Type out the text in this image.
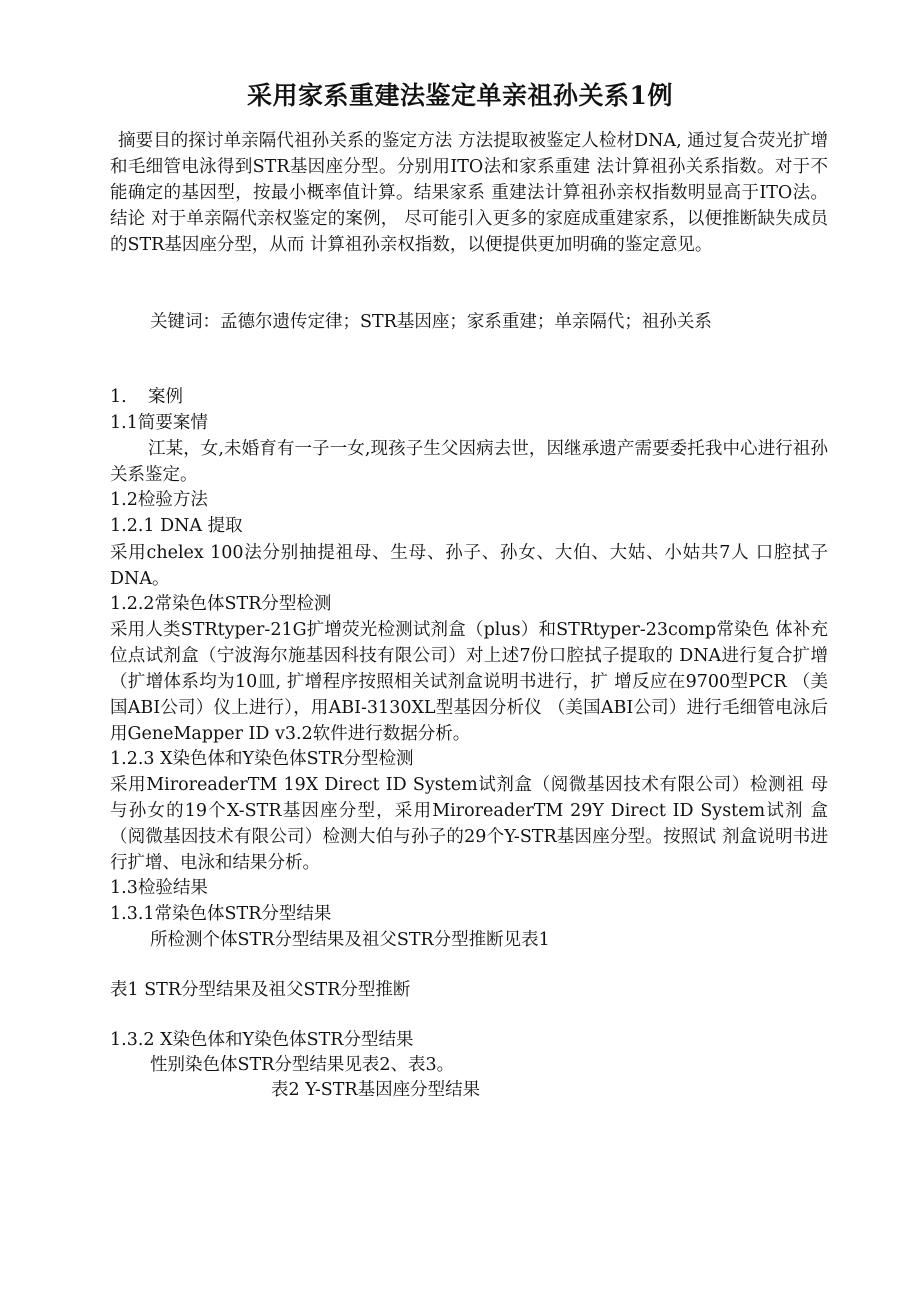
采用家系重建法鉴定单亲祖孙关系1例
摘要目的探讨单亲隔代祖孙关系的鉴定方法 方法提取被鉴定人检材DNA, 通过复合荧光扩增和毛细管电泳得到STR基因座分型。分别用ITO法和家系重建 法计算祖孙关系指数。对于不能确定的基因型，按最小概率值计算。结果家系 重建法计算祖孙亲权指数明显高于ITO法。结论 对于单亲隔代亲权鉴定的案例， 尽可能引入更多的家庭成重建家系，以便推断缺失成员的STR基因座分型，从而 计算祖孙亲权指数，以便提供更加明确的鉴定意见。
关键词：孟德尔遗传定律；STR基因座；家系重建；单亲隔代；祖孙关系
1. 案例
1.1简要案情
江某，女,未婚育有一子一女,现孩子生父因病去世，因继承遗产需要委托我中心进行祖孙关系鉴定。
1.2检验方法
1.2.1 DNA 提取
采用chelex 100法分别抽提祖母、生母、孙子、孙女、大伯、大姑、小姑共7人 口腔拭子DNA。
1.2.2常染色体STR分型检测
采用人类STRtyper-21G扩增荧光检测试剂盒（plus）和STRtyper-23comp常染色 体补充位点试剂盒（宁波海尔施基因科技有限公司）对上述7份口腔拭子提取的 DNA进行复合扩增（扩增体系均为10皿, 扩增程序按照相关试剂盒说明书进行，扩 增反应在9700型PCR （美国ABI公司）仪上进行），用ABI-3130XL型基因分析仪 （美国ABI公司）进行毛细管电泳后用GeneMapper ID v3.2软件进行数据分析。
1.2.3 X染色体和Y染色体STR分型检测
采用MiroreaderTM 19X Direct ID System试剂盒（阅微基因技术有限公司）检测祖 母与孙女的19个X-STR基因座分型，采用MiroreaderTM 29Y Direct ID System试剂 盒（阅微基因技术有限公司）检测大伯与孙子的29个Y-STR基因座分型。按照试 剂盒说明书进行扩增、电泳和结果分析。
1.3检验结果
1.3.1常染色体STR分型结果
所检测个体STR分型结果及祖父STR分型推断见表1
表1 STR分型结果及祖父STR分型推断
1.3.2 X染色体和Y染色体STR分型结果
性别染色体STR分型结果见表2、表3。
表2 Y-STR基因座分型结果
